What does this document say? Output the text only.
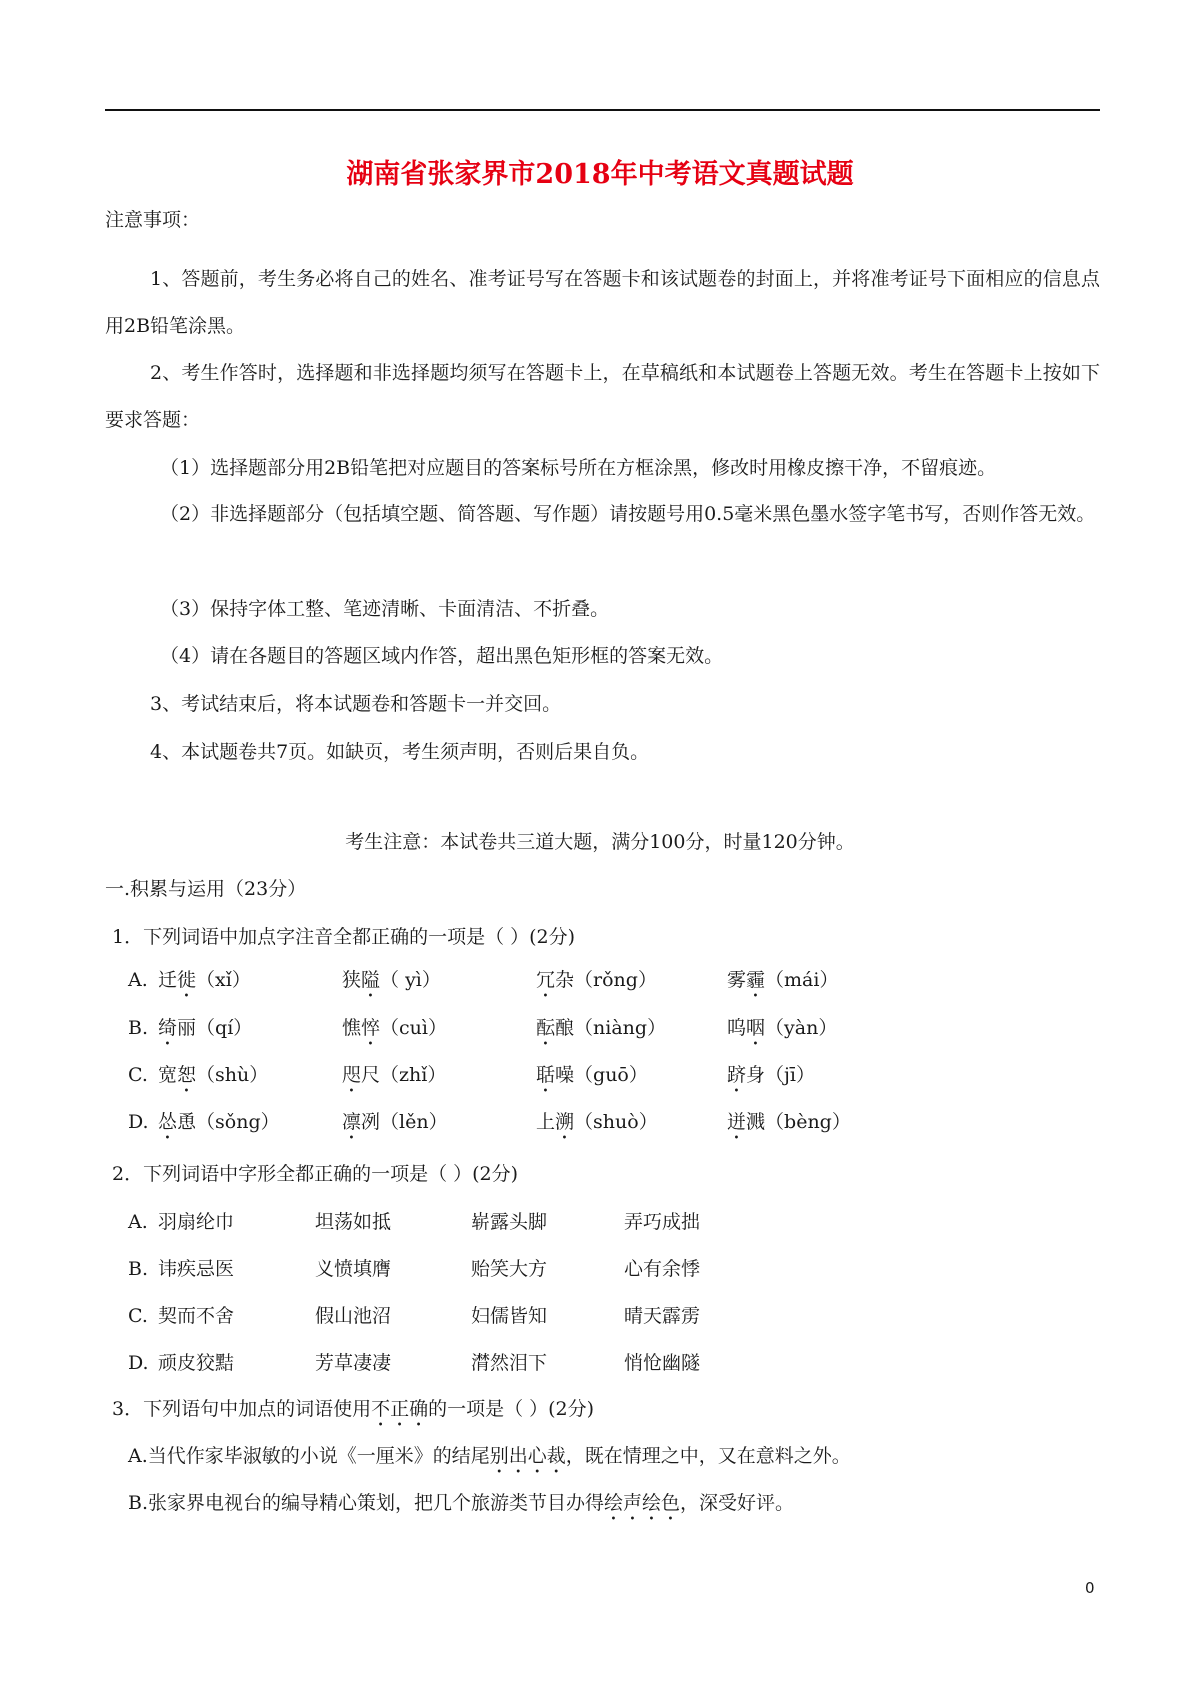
湖南省张家界市2018年中考语文真题试题
注意事项：
1、答题前，考生务必将自己的姓名、准考证号写在答题卡和该试题卷的封面上，并将准考证号下面相应的信息点用2B铅笔涂黑。
2、考生作答时，选择题和非选择题均须写在答题卡上，在草稿纸和本试题卷上答题无效。考生在答题卡上按如下要求答题：
（1）选择题部分用2B铅笔把对应题目的答案标号所在方框涂黑，修改时用橡皮擦干净，不留痕迹。
（2）非选择题部分（包括填空题、简答题、写作题）请按题号用0.5毫米黑色墨水签字笔书写，否则作答无效。
（3）保持字体工整、笔迹清晰、卡面清洁、不折叠。
（4）请在各题目的答题区域内作答，超出黑色矩形框的答案无效。
3、考试结束后，将本试题卷和答题卡一并交回。
4、本试题卷共7页。如缺页，考生须声明，否则后果自负。
考生注意：本试卷共三道大题，满分100分，时量120分钟。
一.积累与运用（23分）
1．下列词语中加点字注音全都正确的一项是（ ）(2分)
A. 迁徙（xǐ）	狭隘（ yì）	冗杂（rǒng）	雾霾（mái）
B. 绮丽（qí）	憔悴（cuì）	酝酿（niàng）	呜咽（yàn）
C. 宽恕（shù）	咫尺（zhǐ）	聒噪（guō）	跻身（jī）
D. 怂恿（sǒng）	凛冽（lěn）	上溯（shuò）	迸溅（bèng）
2．下列词语中字形全都正确的一项是（ ）(2分)
A. 羽扇纶巾	坦荡如抵	崭露头脚	弄巧成拙
B. 讳疾忌医	义愤填膺	贻笑大方	心有余悸
C. 契而不舍	假山池沼	妇儒皆知	晴天霹雳
D. 顽皮狡黠	芳草凄凄	潸然泪下	悄怆幽隧
3．下列语句中加点的词语使用不正确的一项是（ ）(2分)
A.当代作家毕淑敏的小说《一厘米》的结尾别出心裁，既在情理之中，又在意料之外。
B.张家界电视台的编导精心策划，把几个旅游类节目办得绘声绘色，深受好评。
0
